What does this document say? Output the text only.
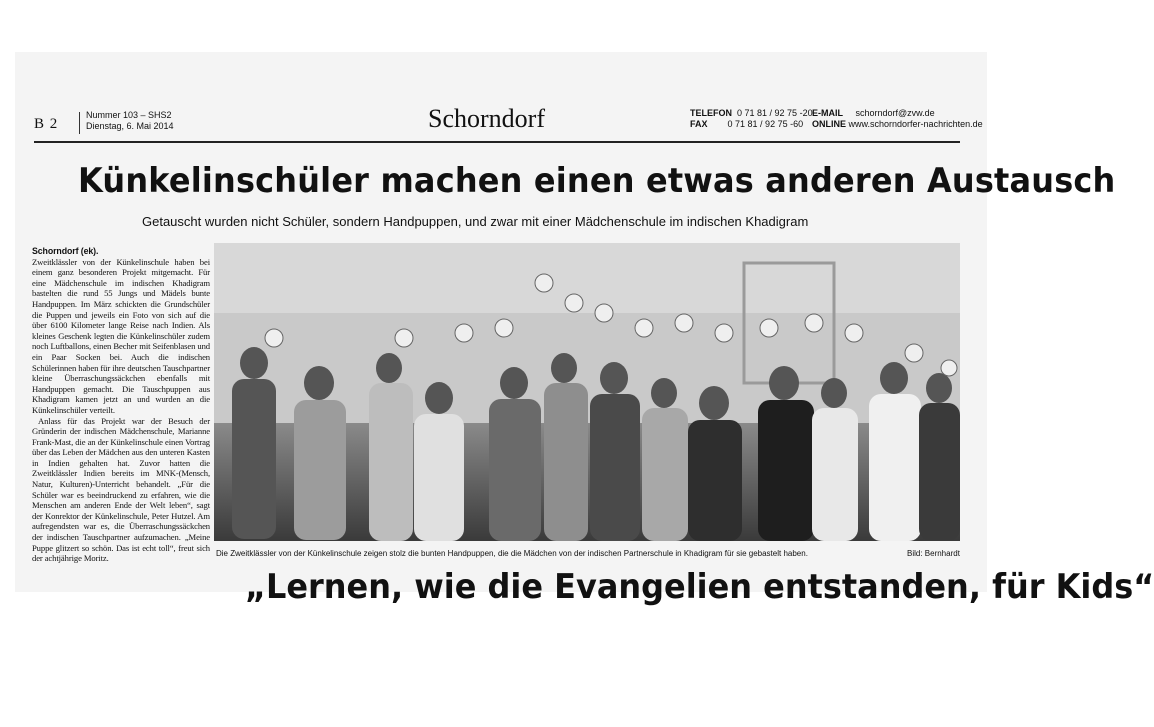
B 2
Nummer 103 – SHS2
Dienstag, 6. Mai 2014	Schorndorf	TELEFON 0 71 81 / 92 75 -20
FAX 0 71 81 / 92 75 -60
E-MAIL schorndorf@zvw.de
ONLINE www.schorndorfer-nachrichten.de
Künkelinschüler machen einen etwas anderen Austausch
Getauscht wurden nicht Schüler, sondern Handpuppen, und zwar mit einer Mädchenschule im indischen Khadigram

Schorndorf (ek).
Zweitklässler von der Künkelinschule haben bei einem ganz besonderen Projekt mitgemacht. Für eine Mädchenschule im indischen Khadigram bastelten die rund 55 Jungs und Mädels bunte Handpuppen. Im März schickten die Grundschüler die Puppen und jeweils ein Foto von sich auf die über 6100 Kilometer lange Reise nach Indien. Als kleines Geschenk legten die Künkelinschüler zudem noch Luftballons, einen Becher mit Seifenblasen und ein Paar Socken bei. Auch die indischen Schülerinnen haben für ihre deutschen Tauschpartner kleine Überraschungssäckchen ebenfalls mit Handpuppen gemacht. Die Tauschpuppen aus Khadigram kamen jetzt an und wurden an die Künkelinschüler verteilt.

Anlass für das Projekt war der Besuch der Gründerin der indischen Mädchenschule, Marianne Frank-Mast, die an der Künkelinschule einen Vortrag über das Leben der Mädchen aus den unteren Kasten in Indien gehalten hat. Zuvor hatten die Zweitklässler Indien bereits im MNK-(Mensch, Natur, Kulturen)-Unterricht behandelt. „Für die Schüler war es beeindruckend zu erfahren, wie die Menschen am anderen Ende der Welt leben“, sagt der Konrektor der Künkelinschule, Peter Hutzel. Am aufregendsten war es, die Überraschungssäckchen der indischen Tauschpartner aufzumachen. „Meine Puppe glitzert so schön. Das ist echt toll“, freut sich der achtjährige Moritz.	Die Zweitklässler von der Künkelinschule zeigen stolz die bunten Handpuppen, die die Mädchen von der indischen Partnerschule in Khadigram für sie gebastelt haben.	Bild: Bernhardt
„Lernen, wie die Evangelien entstanden, für Kids“
